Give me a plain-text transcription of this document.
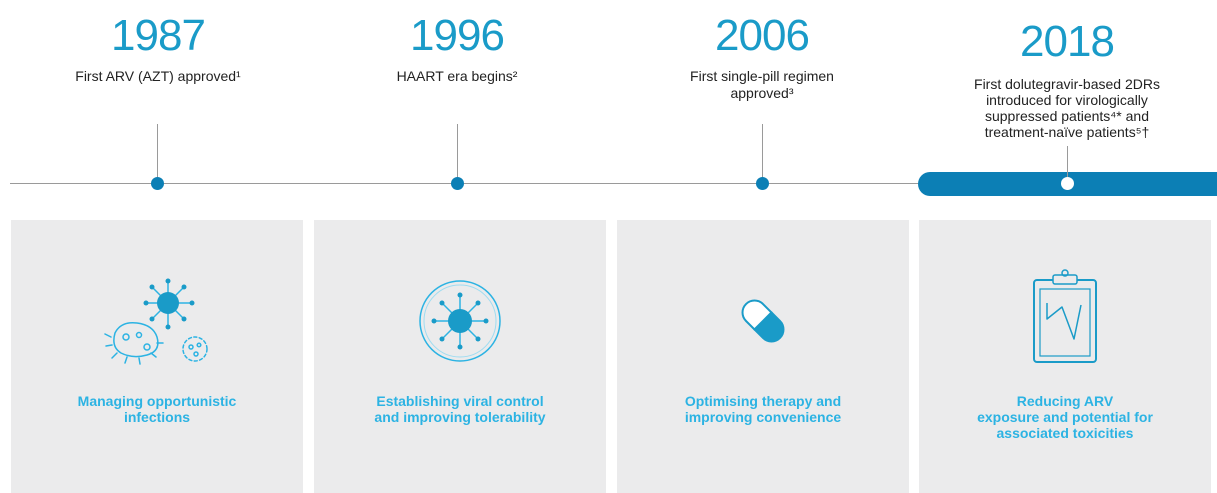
1987
First ARV (AZT) approved¹
1996
HAART era begins²
2006
First single-pill regimen
approved³
2018
First dolutegravir-based 2DRs
introduced for virologically
suppressed patients⁴* and
treatment-naïve patients⁵†
Managing opportunistic
infections
Establishing viral control
and improving tolerability
Optimising therapy and
improving convenience
Reducing ARV
exposure and potential for
associated toxicities
